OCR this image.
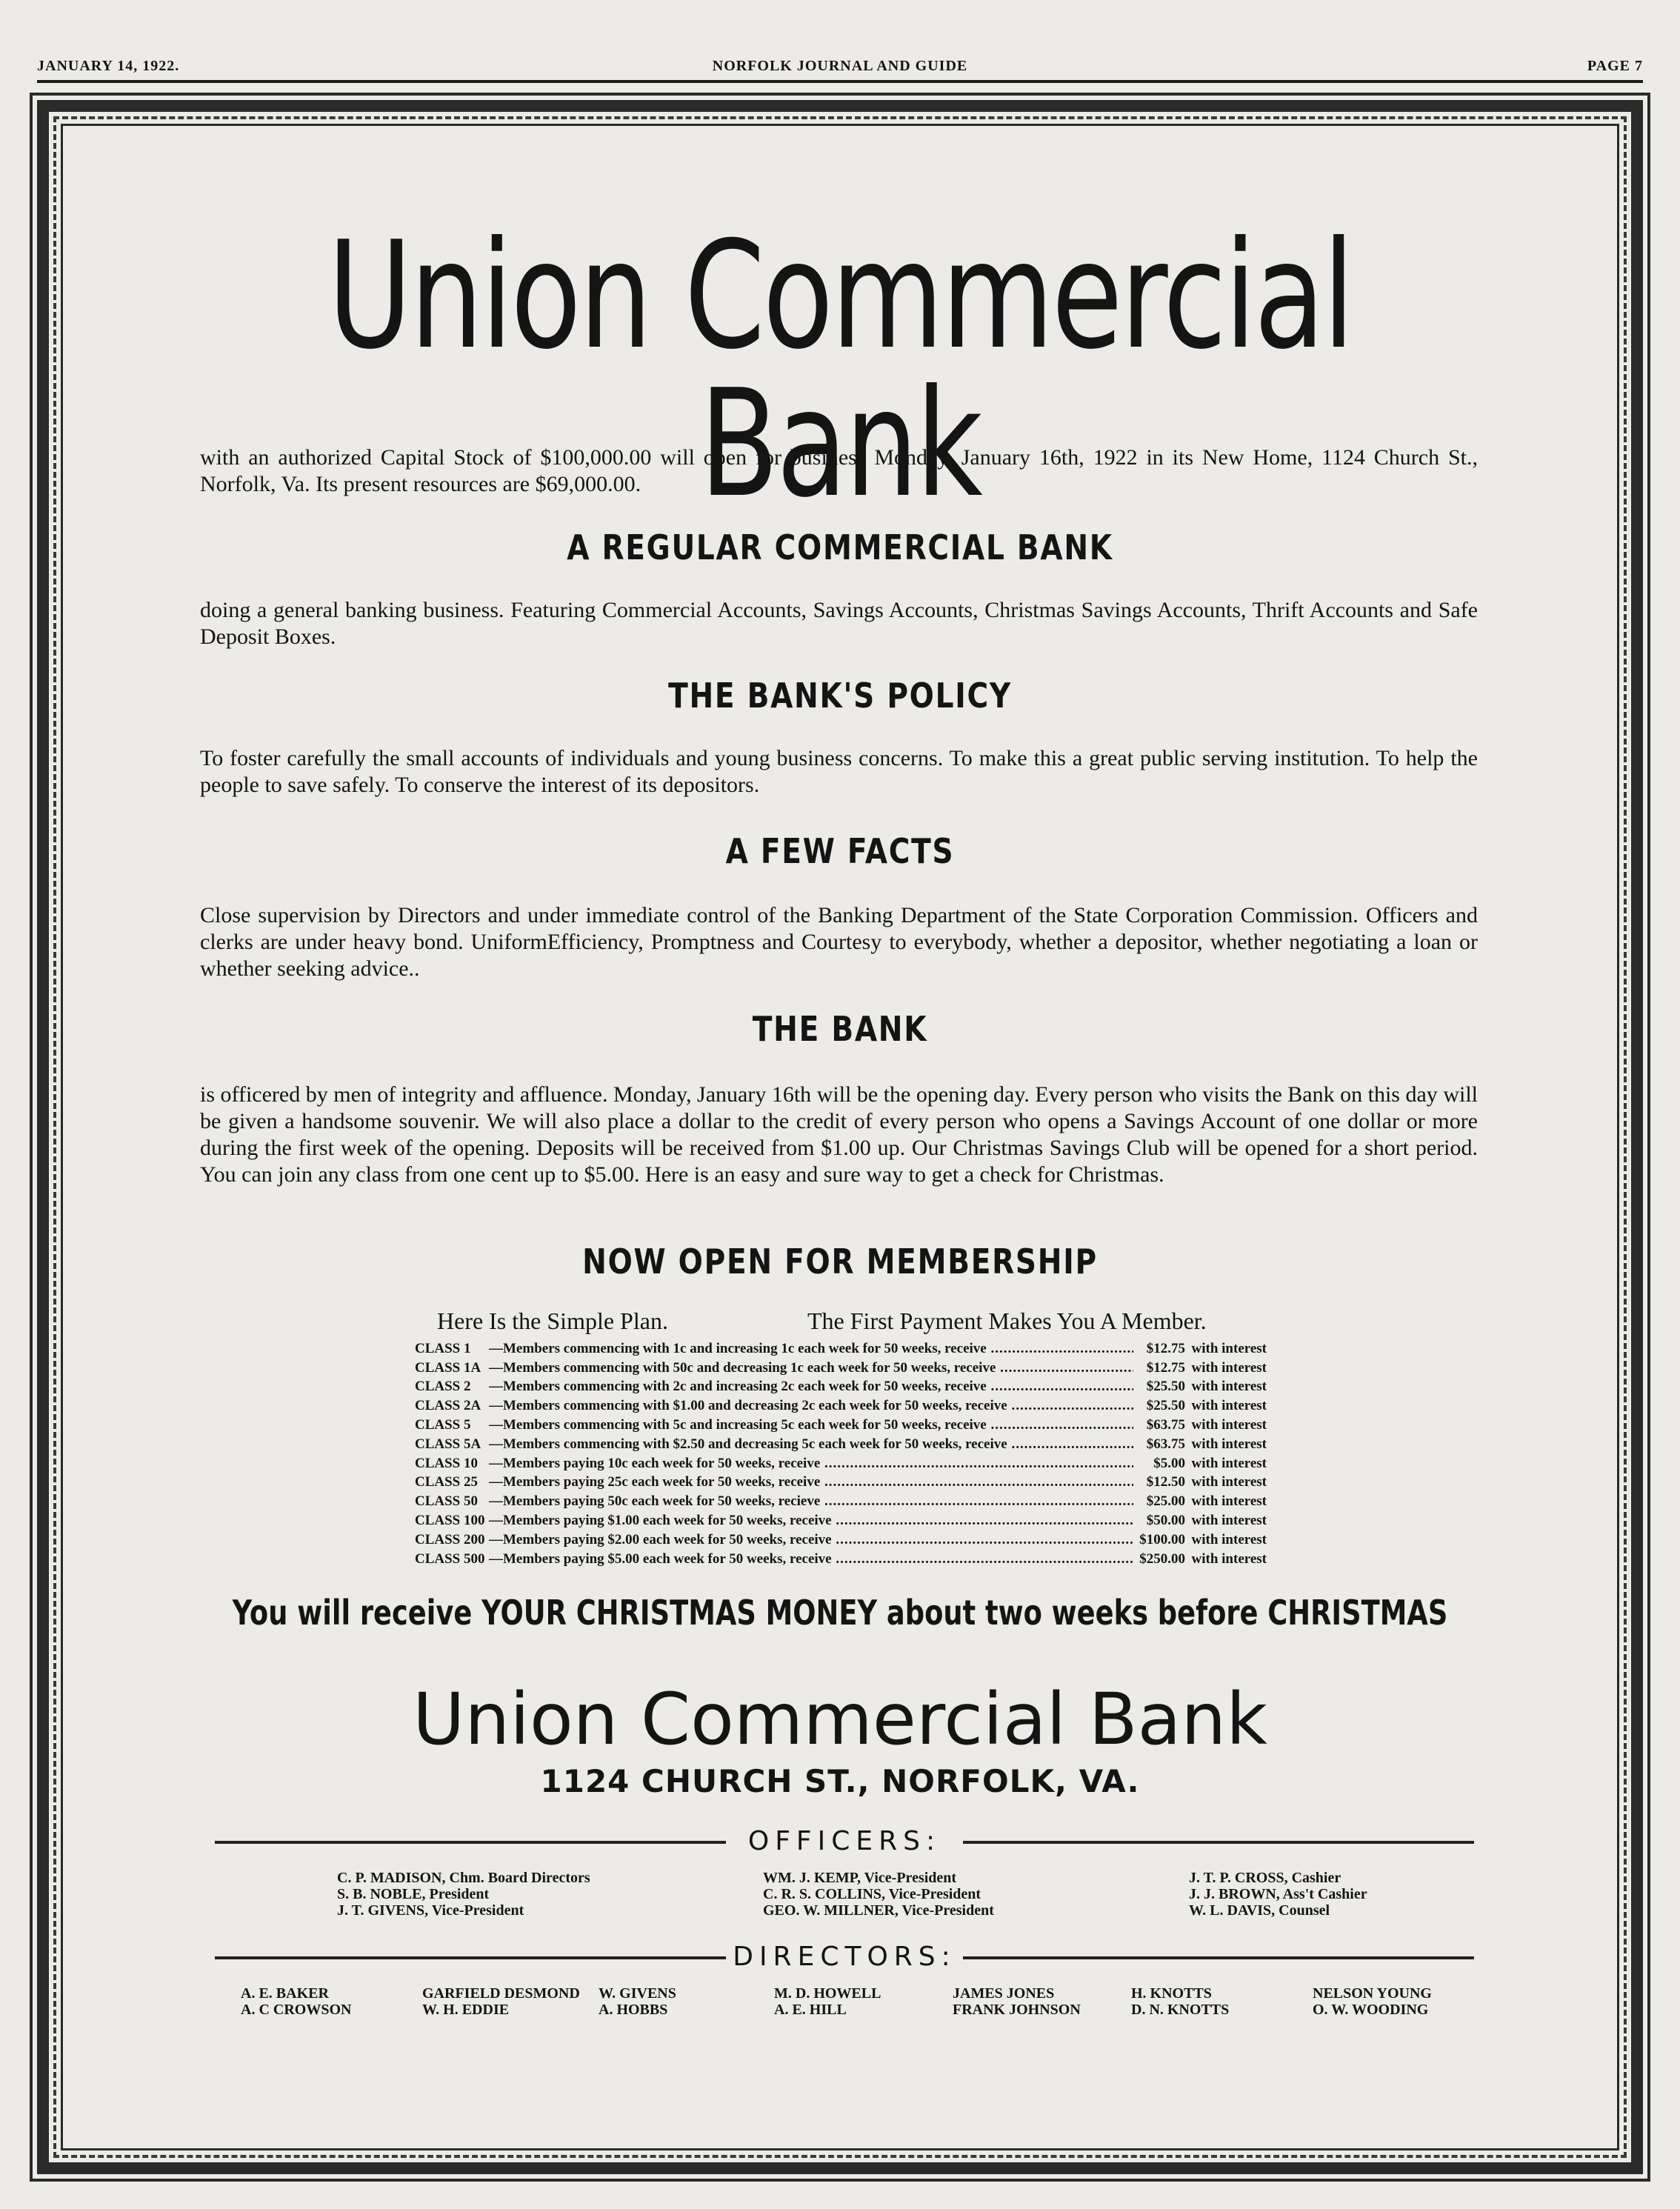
JANUARY 14, 1922.	NORFOLK JOURNAL AND GUIDE	PAGE 7
Union Commercial Bank
with an authorized Capital Stock of $100,000.00 will open for business Monday, January 16th, 1922 in its New Home, 1124 Church St., Norfolk, Va. Its present resources are $69,000.00.
A REGULAR COMMERCIAL BANK
doing a general banking business. Featuring Commercial Accounts, Savings Accounts, Christmas Savings Accounts, Thrift Accounts and Safe Deposit Boxes.
THE BANK'S POLICY
To foster carefully the small accounts of individuals and young business concerns. To make this a great public serving institution. To help the people to save safely. To conserve the interest of its depositors.
A FEW FACTS
Close supervision by Directors and under immediate control of the Banking Department of the State Corporation Commission. Officers and clerks are under heavy bond. UniformEfficiency, Promptness and Courtesy to everybody, whether a depositor, whether negotiating a loan or whether seeking advice..
THE BANK
is officered by men of integrity and affluence. Monday, January 16th will be the opening day. Every person who visits the Bank on this day will be given a handsome souvenir. We will also place a dollar to the credit of every person who opens a Savings Account of one dollar or more during the first week of the opening. Deposits will be received from $1.00 up. Our Christmas Savings Club will be opened for a short period. You can join any class from one cent up to $5.00. Here is an easy and sure way to get a check for Christmas.
NOW OPEN FOR MEMBERSHIP
Here Is the Simple Plan.	The First Payment Makes You A Member.
CLASS 1	—Members commencing with 1c and increasing 1c each week for 50 weeks, receive .....	$12.75 with interest
CLASS 1A —Members commencing with 50c and decreasing 1c each week for 50 weeks, receive .....	$12.75 with interest
CLASS 2	—Members commencing with 2c and increasing 2c each week for 50 weeks, receive .....	$25.50 with interest
CLASS 2A —Members commencing with $1.00 and decreasing 2c each week for 50 weeks, receive .....	$25.50 with interest
CLASS 5	—Members commencing with 5c and increasing 5c each week for 50 weeks, receive .....	$63.75 with interest
CLASS 5A —Members commencing with $2.50 and decreasing 5c each week for 50 weeks, receive .....	$63.75 with interest
CLASS 10 —Members paying 10c each week for 50 weeks, receive .....	$5.00 with interest
CLASS 25 —Members paying 25c each week for 50 weeks, receive .....	$12.50 with interest
CLASS 50 —Members paying 50c each week for 50 weeks, recieve .....	$25.00 with interest
CLASS 100 —Members paying $1.00 each week for 50 weeks, receive .....	$50.00 with interest
CLASS 200 —Members paying $2.00 each week for 50 weeks, receive .....	$100.00 with interest
CLASS 500 —Members paying $5.00 each week for 50 weeks, receive .....	$250.00 with interest
You will receive YOUR CHRISTMAS MONEY about two weeks before CHRISTMAS
Union Commercial Bank
1124 CHURCH ST., NORFOLK, VA.
OFFICERS:
C. P. MADISON, Chm. Board Directors
S. B. NOBLE, President
J. T. GIVENS, Vice-President
WM. J. KEMP, Vice-President
C. R. S. COLLINS, Vice-President
GEO. W. MILLNER, Vice-President
J. T. P. CROSS, Cashier
J. J. BROWN, Ass't Cashier
W. L. DAVIS, Counsel
DIRECTORS:
A. E. BAKER
A. C CROWSON
GARFIELD DESMOND
W. H. EDDIE
W. GIVENS
A. HOBBS
M. D. HOWELL
A. E. HILL
JAMES JONES
FRANK JOHNSON
H. KNOTTS
D. N. KNOTTS
NELSON YOUNG
O. W. WOODING
